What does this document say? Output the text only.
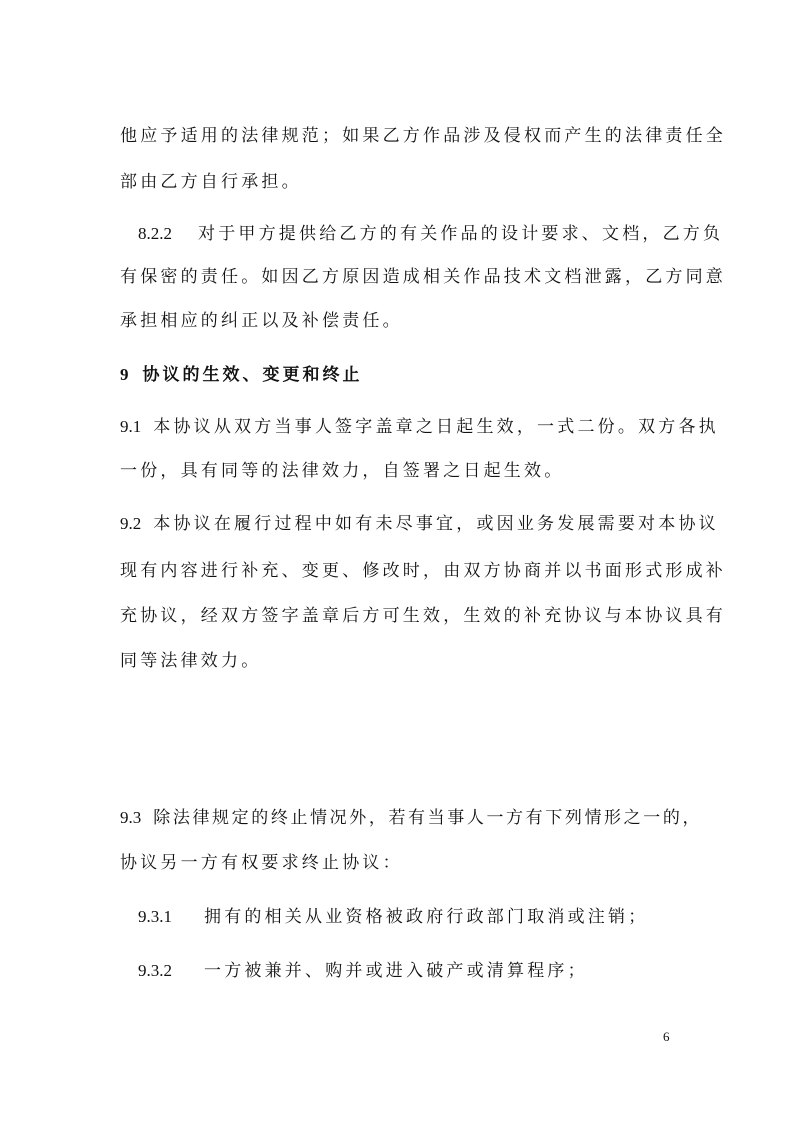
他应予适用的法律规范；如果乙方作品涉及侵权而产生的法律责任全
部由乙方自行承担。
8.2.2 对于甲方提供给乙方的有关作品的设计要求、文档，乙方负
有保密的责任。如因乙方原因造成相关作品技术文档泄露，乙方同意
承担相应的纠正以及补偿责任。
9 协议的生效、变更和终止
9.1 本协议从双方当事人签字盖章之日起生效，一式二份。双方各执
一份，具有同等的法律效力，自签署之日起生效。
9.2 本协议在履行过程中如有未尽事宜，或因业务发展需要对本协议
现有内容进行补充、变更、修改时，由双方协商并以书面形式形成补
充协议，经双方签字盖章后方可生效，生效的补充协议与本协议具有
同等法律效力。
9.3 除法律规定的终止情况外，若有当事人一方有下列情形之一的，
协议另一方有权要求终止协议：
9.3.1 拥有的相关从业资格被政府行政部门取消或注销；
9.3.2 一方被兼并、购并或进入破产或清算程序；
6
